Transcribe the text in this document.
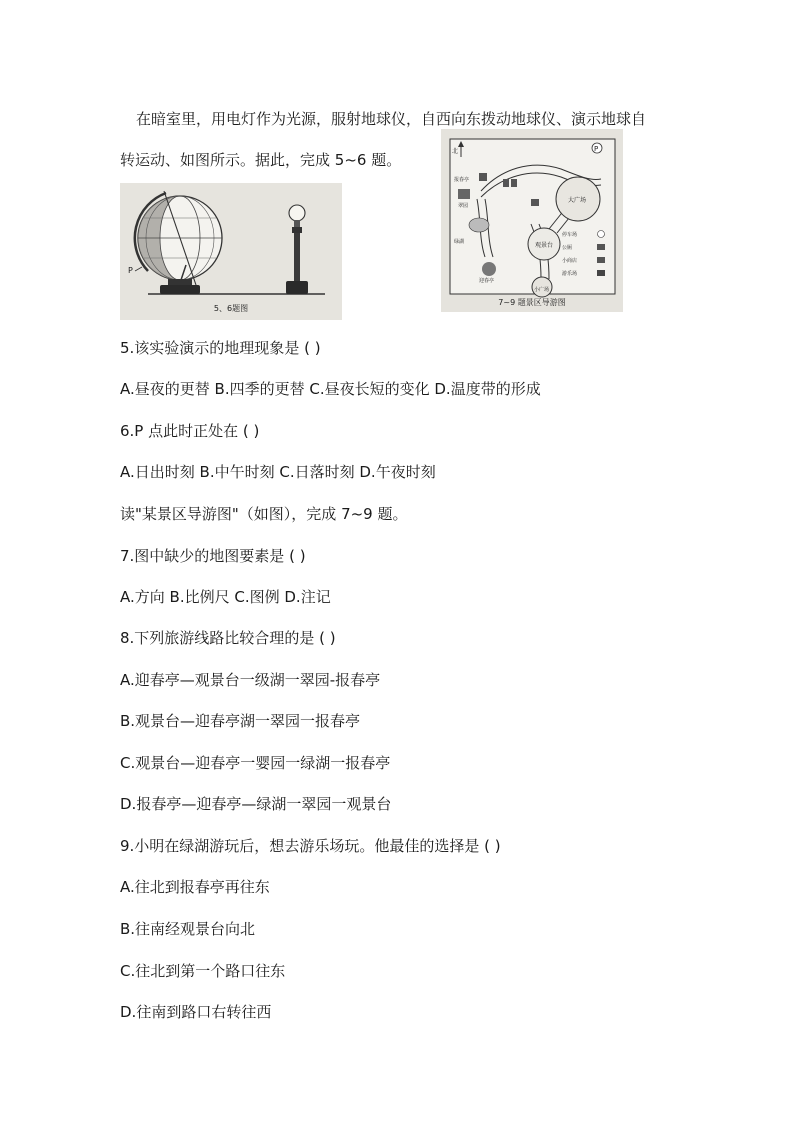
在暗室里，用电灯作为光源，服射地球仪，自西向东拨动地球仪、演示地球自
转运动、如图所示。据此，完成 5~6 题。
P
5、6题图
北	P
大广场
观景台
小广场
报春亭
翠园
绿湖
迎春亭
停车场
公厕
小商店
游乐场
7~9 题景区导游图
5.该实验演示的地理现象是 ( )
A.昼夜的更替 B.四季的更替 C.昼夜长短的变化 D.温度带的形成
6.P 点此时正处在 ( )
A.日出时刻 B.中午时刻 C.日落时刻 D.午夜时刻
读"某景区导游图"（如图），完成 7~9 题。
7.图中缺少的地图要素是 ( )
A.方向 B.比例尺 C.图例 D.注记
8.下列旅游线路比较合理的是 ( )
A.迎春亭—观景台一级湖一翠园-报春亭
B.观景台—迎春亭湖一翠园一报春亭
C.观景台—迎春亭一婴园一绿湖一报春亭
D.报春亭—迎春亭—绿湖一翠园一观景台
9.小明在绿湖游玩后，想去游乐场玩。他最佳的选择是 ( )
A.往北到报春亭再往东
B.往南经观景台向北
C.往北到第一个路口往东
D.往南到路口右转往西
